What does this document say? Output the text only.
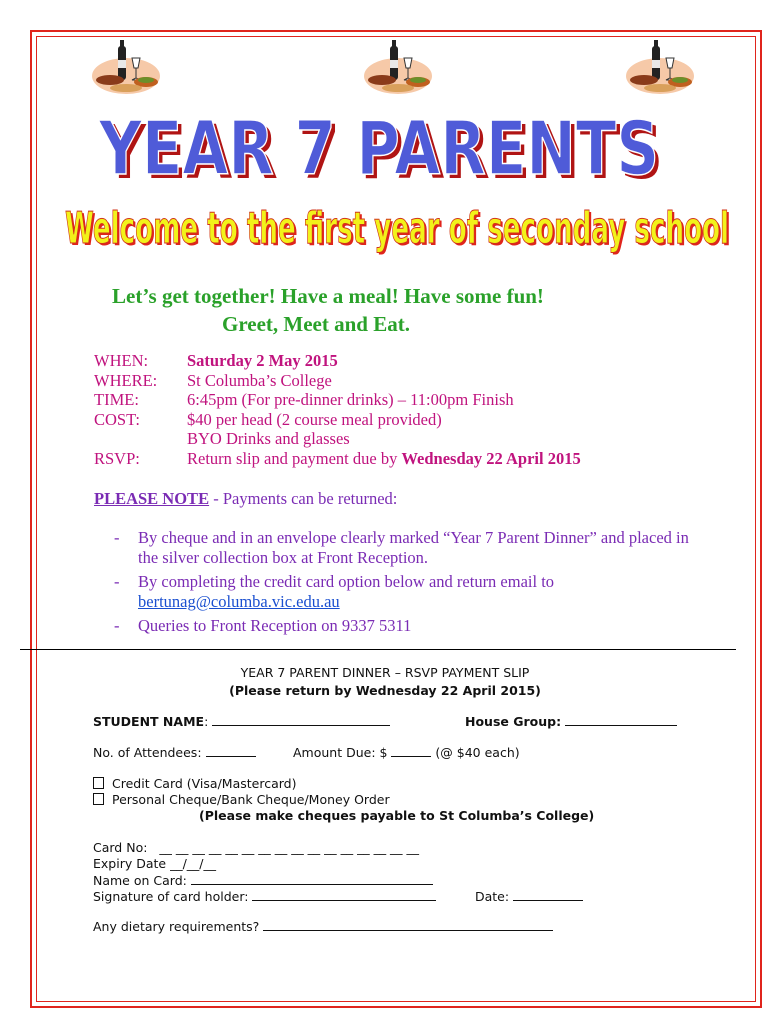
YEAR 7 PARENTS
YEAR 7 PARENTS
Welcome to the first year of seconday school
Welcome to the first year of seconday school
Let’s get together! Have a meal! Have some fun!
Greet, Meet and Eat.
WHEN:	Saturday 2 May 2015
WHERE:	St Columba’s College
TIME:	6:45pm (For pre-dinner drinks) – 11:00pm Finish
COST:	$40 per head (2 course meal provided)
BYO Drinks and glasses
RSVP:	Return slip and payment due by Wednesday 22 April 2015
PLEASE NOTE - Payments can be returned:
-	By cheque and in an envelope clearly marked “Year 7 Parent Dinner” and placed in the silver collection box at Front Reception.
-	By completing the credit card option below and return email to
bertunag@columba.vic.edu.au
-	Queries to Front Reception on 9337 5311
YEAR 7 PARENT DINNER – RSVP PAYMENT SLIP
(Please return by Wednesday 22 April 2015)
STUDENT NAME:	House Group:
No. of Attendees:	Amount Due: $	(@ $40 each)
Credit Card (Visa/Mastercard)
Personal Cheque/Bank Cheque/Money Order
(Please make cheques payable to St Columba’s College)
Card No: __ __ __ __ __ __ __ __ __ __ __ __ __ __ __ __
Expiry Date __/__/__
Name on Card:
Signature of card holder:	Date:
Any dietary requirements?
